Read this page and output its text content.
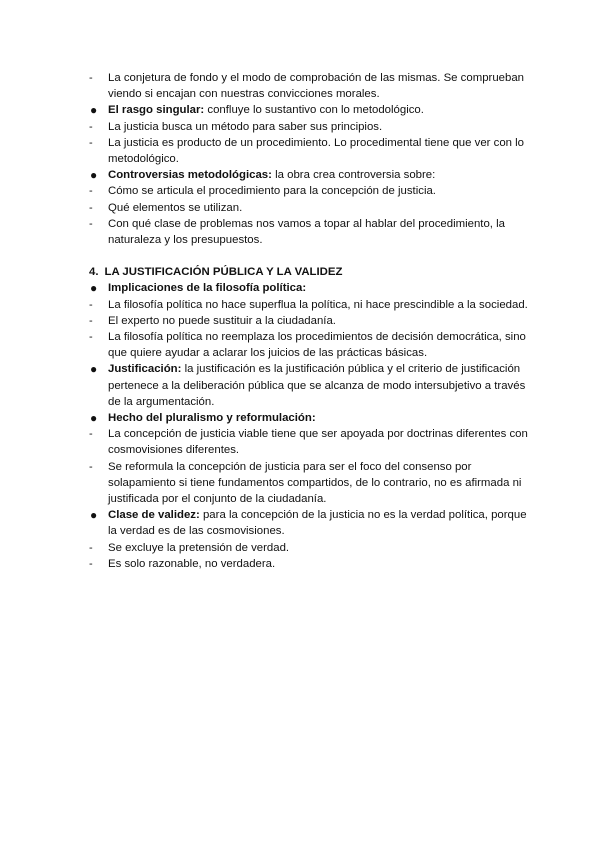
-	La conjetura de fondo y el modo de comprobación de las mismas. Se comprueban viendo si encajan con nuestras convicciones morales.
● El rasgo singular: confluye lo sustantivo con lo metodológico.
-	La justicia busca un método para saber sus principios.
-	La justicia es producto de un procedimiento. Lo procedimental tiene que ver con lo metodológico.
● Controversias metodológicas: la obra crea controversia sobre:
-	Cómo se articula el procedimiento para la concepción de justicia.
-	Qué elementos se utilizan.
-	Con qué clase de problemas nos vamos a topar al hablar del procedimiento, la naturaleza y los presupuestos.
4. LA JUSTIFICACIÓN PÚBLICA Y LA VALIDEZ
● Implicaciones de la filosofía política:
-	La filosofía política no hace superflua la política, ni hace prescindible a la sociedad.
-	El experto no puede sustituir a la ciudadanía.
-	La filosofía política no reemplaza los procedimientos de decisión democrática, sino que quiere ayudar a aclarar los juicios de las prácticas básicas.
● Justificación: la justificación es la justificación pública y el criterio de justificación pertenece a la deliberación pública que se alcanza de modo intersubjetivo a través de la argumentación.
● Hecho del pluralismo y reformulación:
-	La concepción de justicia viable tiene que ser apoyada por doctrinas diferentes con cosmovisiones diferentes.
-	Se reformula la concepción de justicia para ser el foco del consenso por solapamiento si tiene fundamentos compartidos, de lo contrario, no es afirmada ni justificada por el conjunto de la ciudadanía.
● Clase de validez: para la concepción de la justicia no es la verdad política, porque la verdad es de las cosmovisiones.
-	Se excluye la pretensión de verdad.
-	Es solo razonable, no verdadera.
